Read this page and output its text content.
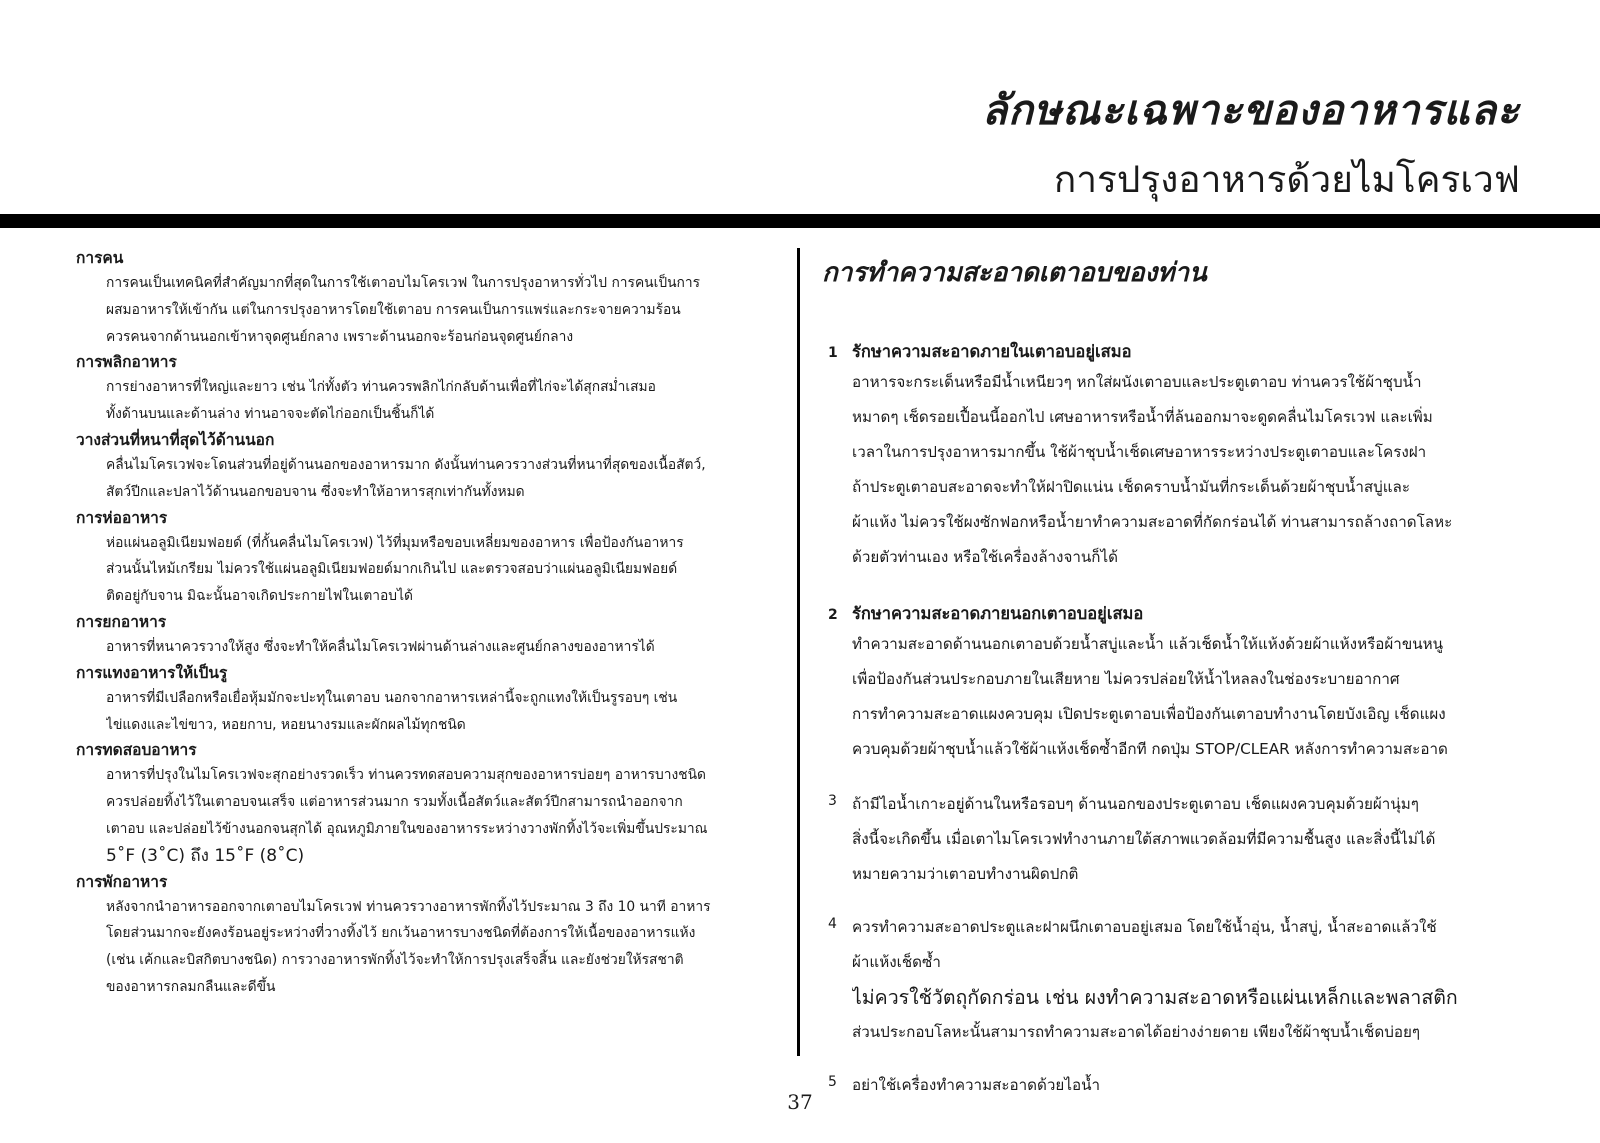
ลักษณะเฉพาะของอาหารและ
การปรุงอาหารด้วยไมโครเวฟ
การคน
การคนเป็นเทคนิคที่สำคัญมากที่สุดในการใช้เตาอบไมโครเวฟ ในการปรุงอาหารทั่วไป การคนเป็นการ
ผสมอาหารให้เข้ากัน แต่ในการปรุงอาหารโดยใช้เตาอบ การคนเป็นการแพร่และกระจายความร้อน
ควรคนจากด้านนอกเข้าหาจุดศูนย์กลาง เพราะด้านนอกจะร้อนก่อนจุดศูนย์กลาง
การพลิกอาหาร
การย่างอาหารที่ใหญ่และยาว เช่น ไก่ทั้งตัว ท่านควรพลิกไก่กลับด้านเพื่อที่ไก่จะได้สุกสม่ำเสมอ
ทั้งด้านบนและด้านล่าง ท่านอาจจะตัดไก่ออกเป็นชิ้นก็ได้
วางส่วนที่หนาที่สุดไว้ด้านนอก
คลื่นไมโครเวฟจะโดนส่วนที่อยู่ด้านนอกของอาหารมาก ดังนั้นท่านควรวางส่วนที่หนาที่สุดของเนื้อสัตว์,
สัตว์ปีกและปลาไว้ด้านนอกขอบจาน ซึ่งจะทำให้อาหารสุกเท่ากันทั้งหมด
การห่ออาหาร
ห่อแผ่นอลูมิเนียมฟอยด์ (ที่กั้นคลื่นไมโครเวฟ) ไว้ที่มุมหรือขอบเหลี่ยมของอาหาร เพื่อป้องกันอาหาร
ส่วนนั้นไหม้เกรียม ไม่ควรใช้แผ่นอลูมิเนียมฟอยด์มากเกินไป และตรวจสอบว่าแผ่นอลูมิเนียมฟอยด์
ติดอยู่กับจาน มิฉะนั้นอาจเกิดประกายไฟในเตาอบได้
การยกอาหาร
อาหารที่หนาควรวางให้สูง ซึ่งจะทำให้คลื่นไมโครเวฟผ่านด้านล่างและศูนย์กลางของอาหารได้
การแทงอาหารให้เป็นรู
อาหารที่มีเปลือกหรือเยื่อหุ้มมักจะปะทุในเตาอบ นอกจากอาหารเหล่านี้จะถูกแทงให้เป็นรูรอบๆ เช่น
ไข่แดงและไข่ขาว, หอยกาบ, หอยนางรมและผักผลไม้ทุกชนิด
การทดสอบอาหาร
อาหารที่ปรุงในไมโครเวฟจะสุกอย่างรวดเร็ว ท่านควรทดสอบความสุกของอาหารบ่อยๆ อาหารบางชนิด
ควรปล่อยทิ้งไว้ในเตาอบจนเสร็จ แต่อาหารส่วนมาก รวมทั้งเนื้อสัตว์และสัตว์ปีกสามารถนำออกจาก
เตาอบ และปล่อยไว้ข้างนอกจนสุกได้ อุณหภูมิภายในของอาหารระหว่างวางพักทิ้งไว้จะเพิ่มขึ้นประมาณ
5˚F (3˚C) ถึง 15˚F (8˚C)
การพักอาหาร
หลังจากนำอาหารออกจากเตาอบไมโครเวฟ ท่านควรวางอาหารพักทิ้งไว้ประมาณ 3 ถึง 10 นาที อาหาร
โดยส่วนมากจะยังคงร้อนอยู่ระหว่างที่วางทิ้งไว้ ยกเว้นอาหารบางชนิดที่ต้องการให้เนื้อของอาหารแห้ง
(เช่น เค้กและบิสกิตบางชนิด) การวางอาหารพักทิ้งไว้จะทำให้การปรุงเสร็จสิ้น และยังช่วยให้รสชาติ
ของอาหารกลมกลืนและดีขึ้น
การทำความสะอาดเตาอบของท่าน
1 รักษาความสะอาดภายในเตาอบอยู่เสมอ
อาหารจะกระเด็นหรือมีน้ำเหนียวๆ หกใส่ผนังเตาอบและประตูเตาอบ ท่านควรใช้ผ้าชุบน้ำ
หมาดๆ เช็ดรอยเปื้อนนี้ออกไป เศษอาหารหรือน้ำที่ล้นออกมาจะดูดคลื่นไมโครเวฟ และเพิ่ม
เวลาในการปรุงอาหารมากขึ้น ใช้ผ้าชุบน้ำเช็ดเศษอาหารระหว่างประตูเตาอบและโครงฝา
ถ้าประตูเตาอบสะอาดจะทำให้ฝาปิดแน่น เช็ดคราบน้ำมันที่กระเด็นด้วยผ้าชุบน้ำสบู่และ
ผ้าแห้ง ไม่ควรใช้ผงซักฟอกหรือน้ำยาทำความสะอาดที่กัดกร่อนได้ ท่านสามารถล้างถาดโลหะ
ด้วยตัวท่านเอง หรือใช้เครื่องล้างจานก็ได้
2 รักษาความสะอาดภายนอกเตาอบอยู่เสมอ
ทำความสะอาดด้านนอกเตาอบด้วยน้ำสบู่และน้ำ แล้วเช็ดน้ำให้แห้งด้วยผ้าแห้งหรือผ้าขนหนู
เพื่อป้องกันส่วนประกอบภายในเสียหาย ไม่ควรปล่อยให้น้ำไหลลงในช่องระบายอากาศ
การทำความสะอาดแผงควบคุม เปิดประตูเตาอบเพื่อป้องกันเตาอบทำงานโดยบังเอิญ เช็ดแผง
ควบคุมด้วยผ้าชุบน้ำแล้วใช้ผ้าแห้งเช็ดซ้ำอีกที กดปุ่ม STOP/CLEAR หลังการทำความสะอาด
3 ถ้ามีไอน้ำเกาะอยู่ด้านในหรือรอบๆ ด้านนอกของประตูเตาอบ เช็ดแผงควบคุมด้วยผ้านุ่มๆ
สิ่งนี้จะเกิดขึ้น เมื่อเตาไมโครเวฟทำงานภายใต้สภาพแวดล้อมที่มีความชื้นสูง และสิ่งนี้ไม่ได้
หมายความว่าเตาอบทำงานผิดปกติ
4 ควรทำความสะอาดประตูและฝาผนึกเตาอบอยู่เสมอ โดยใช้น้ำอุ่น, น้ำสบู่, น้ำสะอาดแล้วใช้
ผ้าแห้งเช็ดซ้ำ
ไม่ควรใช้วัตถุกัดกร่อน เช่น ผงทำความสะอาดหรือแผ่นเหล็กและพลาสติก
ส่วนประกอบโลหะนั้นสามารถทำความสะอาดได้อย่างง่ายดาย เพียงใช้ผ้าชุบน้ำเช็ดบ่อยๆ
5 อย่าใช้เครื่องทำความสะอาดด้วยไอน้ำ
37
